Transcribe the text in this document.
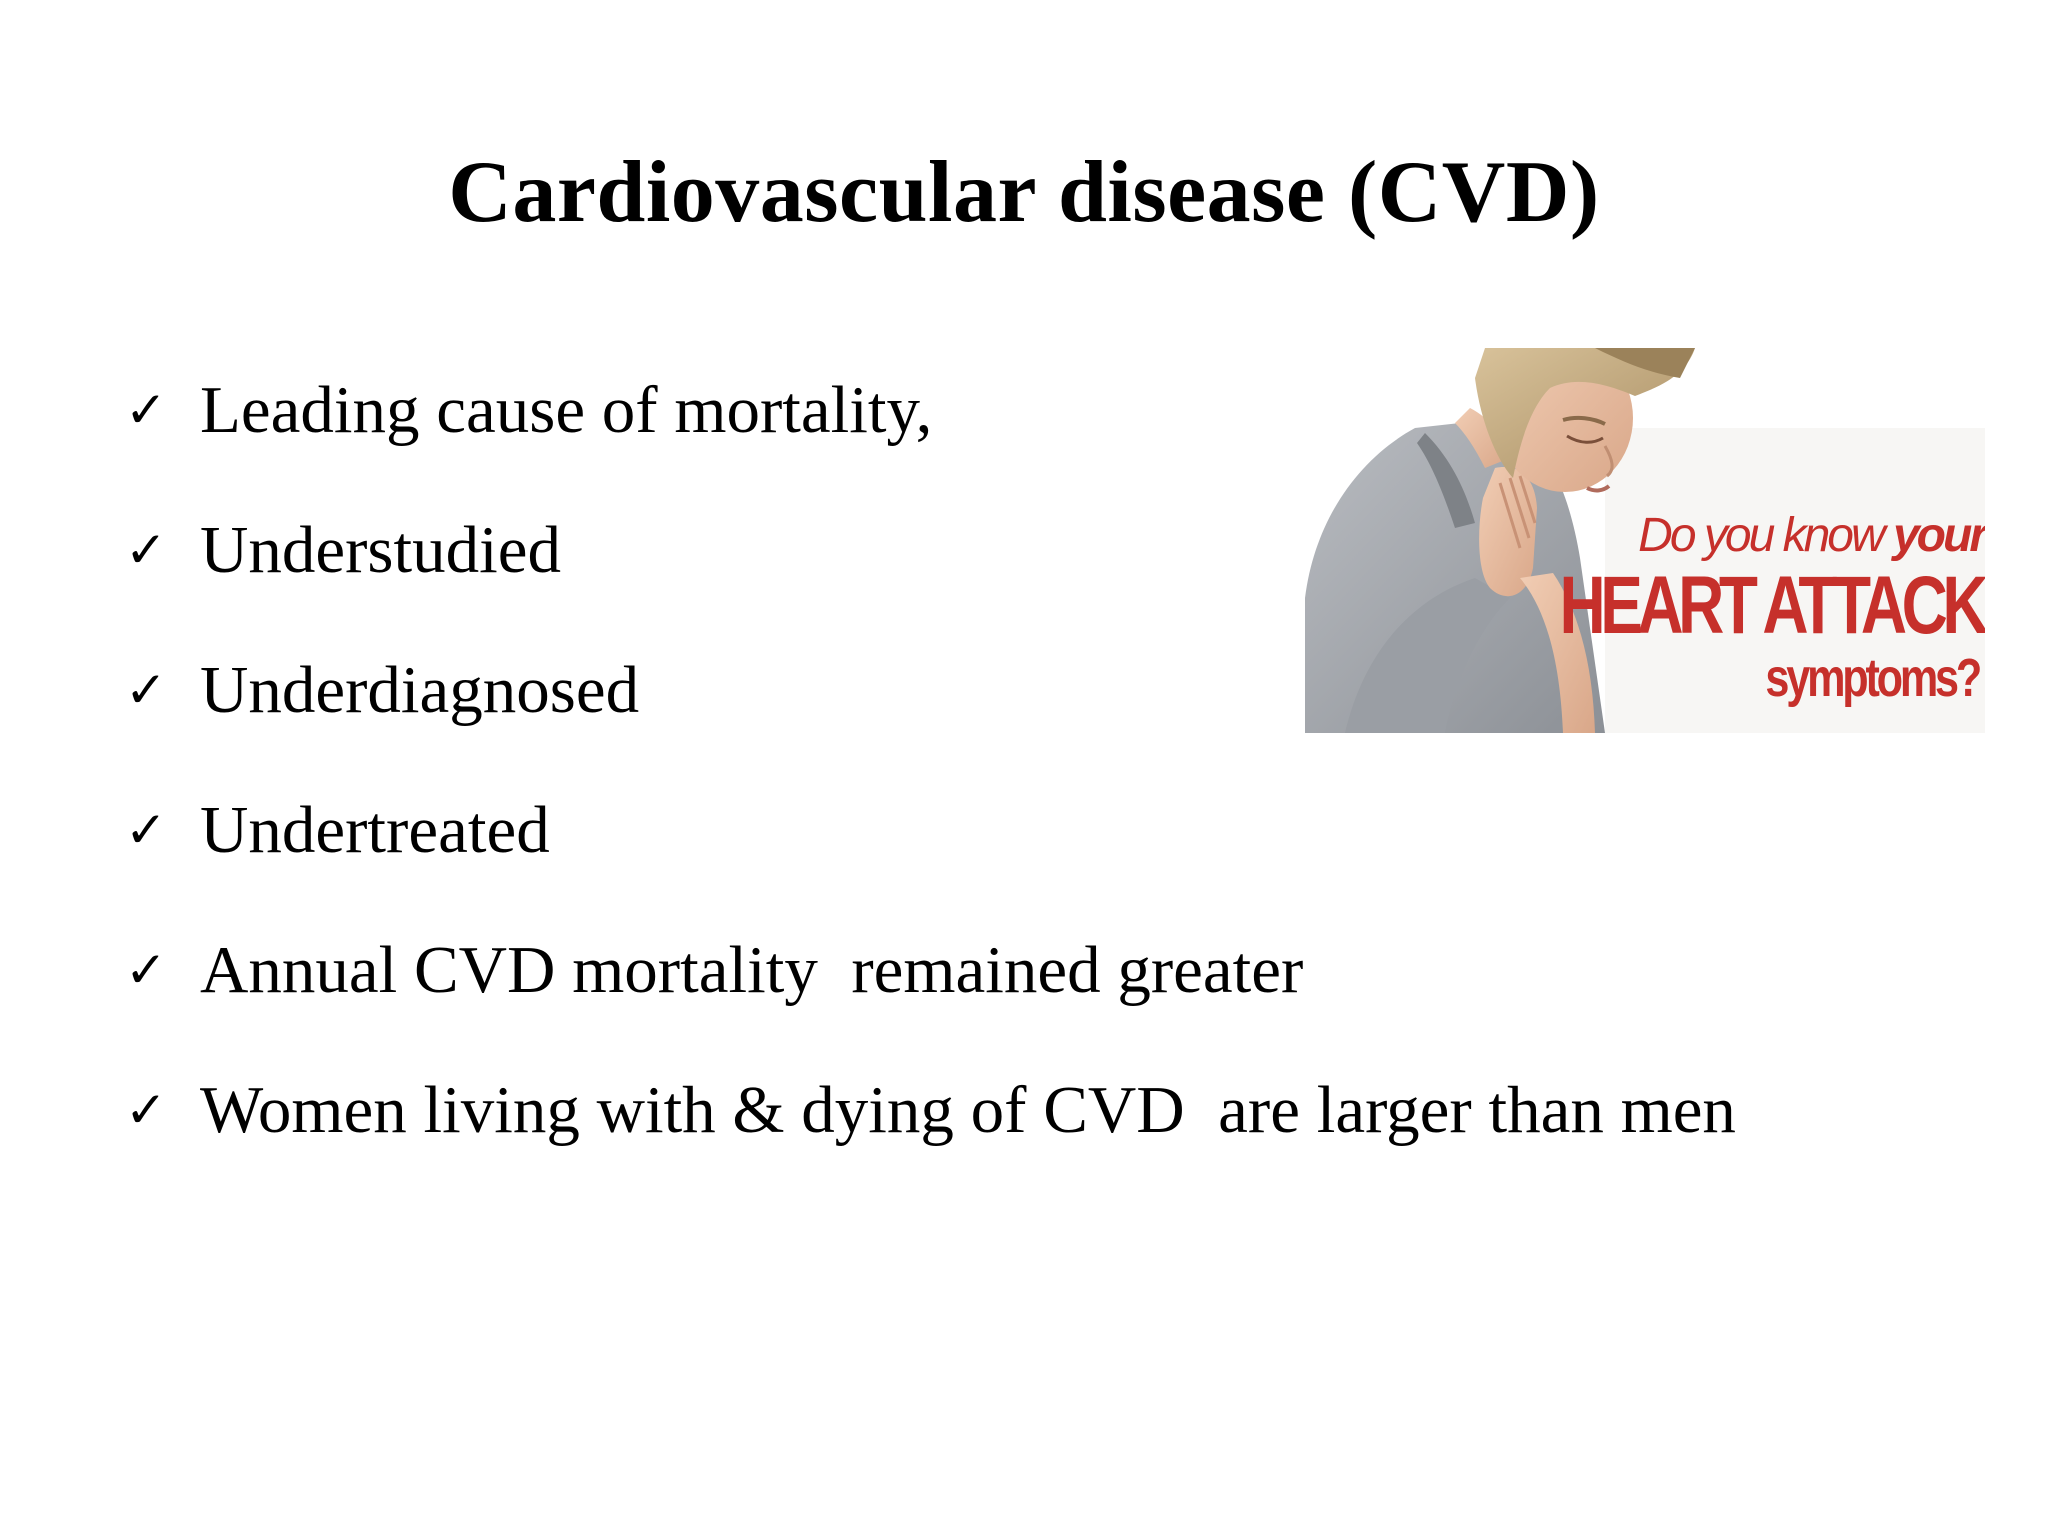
Cardiovascular disease (CVD)
✓ Leading cause of mortality,
✓ Understudied
✓ Underdiagnosed
✓ Undertreated
✓ Annual CVD mortality  remained greater
✓ Women living with & dying of CVD  are larger than men
Do you know your
HEART ATTACK
symptoms?
